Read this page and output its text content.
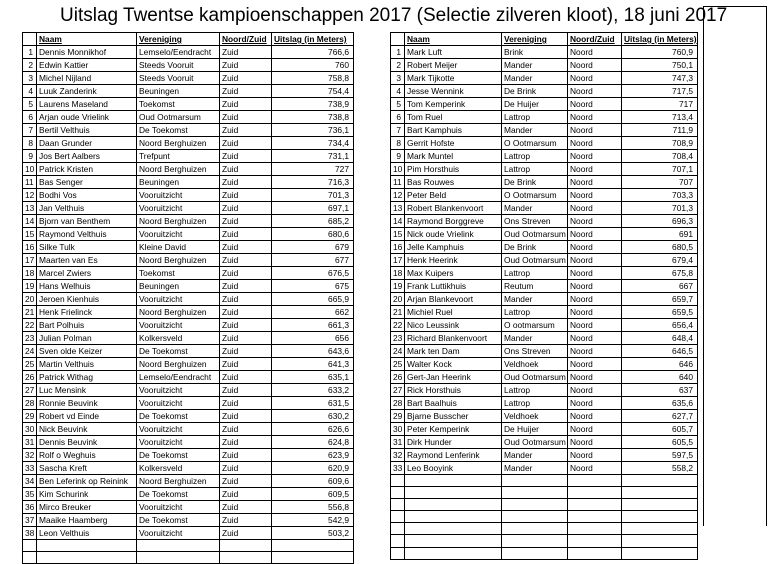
Uitslag Twentse kampioenschappen 2017 (Selectie zilveren kloot), 18 juni 2017
	Naam	Vereniging	Noord/Zuid	Uitslag (in Meters)
1	Dennis Monnikhof	Lemselo/Eendracht	Zuid	766,6
2	Edwin Kattier	Steeds Vooruit	Zuid	760
3	Michel Nijland	Steeds Vooruit	Zuid	758,8
4	Luuk Zanderink	Beuningen	Zuid	754,4
5	Laurens Maseland	Toekomst	Zuid	738,9
6	Arjan oude Vrielink	Oud Ootmarsum	Zuid	738,8
7	Bertil Velthuis	De Toekomst	Zuid	736,1
8	Daan Grunder	Noord Berghuizen	Zuid	734,4
9	Jos Bert Aalbers	Trefpunt	Zuid	731,1
10	Patrick Kristen	Noord Berghuizen	Zuid	727
11	Bas Senger	Beuningen	Zuid	716,3
12	Bodhi Vos	Vooruitzicht	Zuid	701,3
13	Jan Velthuis	Vooruitzicht	Zuid	697,1
14	Bjorn van Benthem	Noord Berghuizen	Zuid	685,2
15	Raymond Velthuis	Vooruitzicht	Zuid	680,6
16	Silke Tulk	Kleine David	Zuid	679
17	Maarten van Es	Noord Berghuizen	Zuid	677
18	Marcel Zwiers	Toekomst	Zuid	676,5
19	Hans Welhuis	Beuningen	Zuid	675
20	Jeroen Kienhuis	Vooruitzicht	Zuid	665,9
21	Henk Frielinck	Noord Berghuizen	Zuid	662
22	Bart Polhuis	Vooruitzicht	Zuid	661,3
23	Julian Polman	Kolkersveld	Zuid	656
24	Sven olde Keizer	De Toekomst	Zuid	643,6
25	Martin Velthuis	Noord Berghuizen	Zuid	641,3
26	Patrick Withag	Lemselo/Eendracht	Zuid	635,1
27	Luc Mensink	Vooruitzicht	Zuid	633,2
28	Ronnie Beuvink	Vooruitzicht	Zuid	631,5
29	Robert vd Einde	De Toekomst	Zuid	630,2
30	Nick Beuvink	Vooruitzicht	Zuid	626,6
31	Dennis Beuvink	Vooruitzicht	Zuid	624,8
32	Rolf o Weghuis	De Toekomst	Zuid	623,9
33	Sascha Kreft	Kolkersveld	Zuid	620,9
34	Ben Leferink op Reinink	Noord Berghuizen	Zuid	609,6
35	Kim Schurink	De Toekomst	Zuid	609,5
36	Mirco Breuker	Vooruitzicht	Zuid	556,8
37	Maaike Haamberg	De Toekomst	Zuid	542,9
38	Leon Velthuis	Vooruitzicht	Zuid	503,2

	Naam	Vereniging	Noord/Zuid	Uitslag (in Meters)
1	Mark Luft	Brink	Noord	760,9
2	Robert Meijer	Mander	Noord	750,1
3	Mark Tijkotte	Mander	Noord	747,3
4	Jesse Wennink	De Brink	Noord	717,5
5	Tom Kemperink	De Huijer	Noord	717
6	Tom Ruel	Lattrop	Noord	713,4
7	Bart Kamphuis	Mander	Noord	711,9
8	Gerrit Hofste	O Ootmarsum	Noord	708,9
9	Mark Muntel	Lattrop	Noord	708,4
10	Pim Horsthuis	Lattrop	Noord	707,1
11	Bas Rouwes	De Brink	Noord	707
12	Peter Beld	O Ootmarsum	Noord	703,3
13	Robert Blankenvoort	Mander	Noord	701,3
14	Raymond Borggreve	Ons Streven	Noord	696,3
15	Nick oude Vrielink	Oud Ootmarsum	Noord	691
16	Jelle Kamphuis	De Brink	Noord	680,5
17	Henk Heerink	Oud Ootmarsum	Noord	679,4
18	Max Kuipers	Lattrop	Noord	675,8
19	Frank Luttikhuis	Reutum	Noord	667
20	Arjan Blankevoort	Mander	Noord	659,7
21	Michiel Ruel	Lattrop	Noord	659,5
22	Nico Leussink	O ootmarsum	Noord	656,4
23	Richard Blankenvoort	Mander	Noord	648,4
24	Mark ten Dam	Ons Streven	Noord	646,5
25	Walter Kock	Veldhoek	Noord	646
26	Gert-Jan Heerink	Oud Ootmarsum	Noord	640
27	Rick Horsthuis	Lattrop	Noord	637
28	Bart Baalhuis	Lattrop	Noord	635,6
29	Bjarne Busscher	Veldhoek	Noord	627,7
30	Peter Kemperink	De Huijer	Noord	605,7
31	Dirk Hunder	Oud Ootmarsum	Noord	605,5
32	Raymond Lenferink	Mander	Noord	597,5
33	Leo Booyink	Mander	Noord	558,2
